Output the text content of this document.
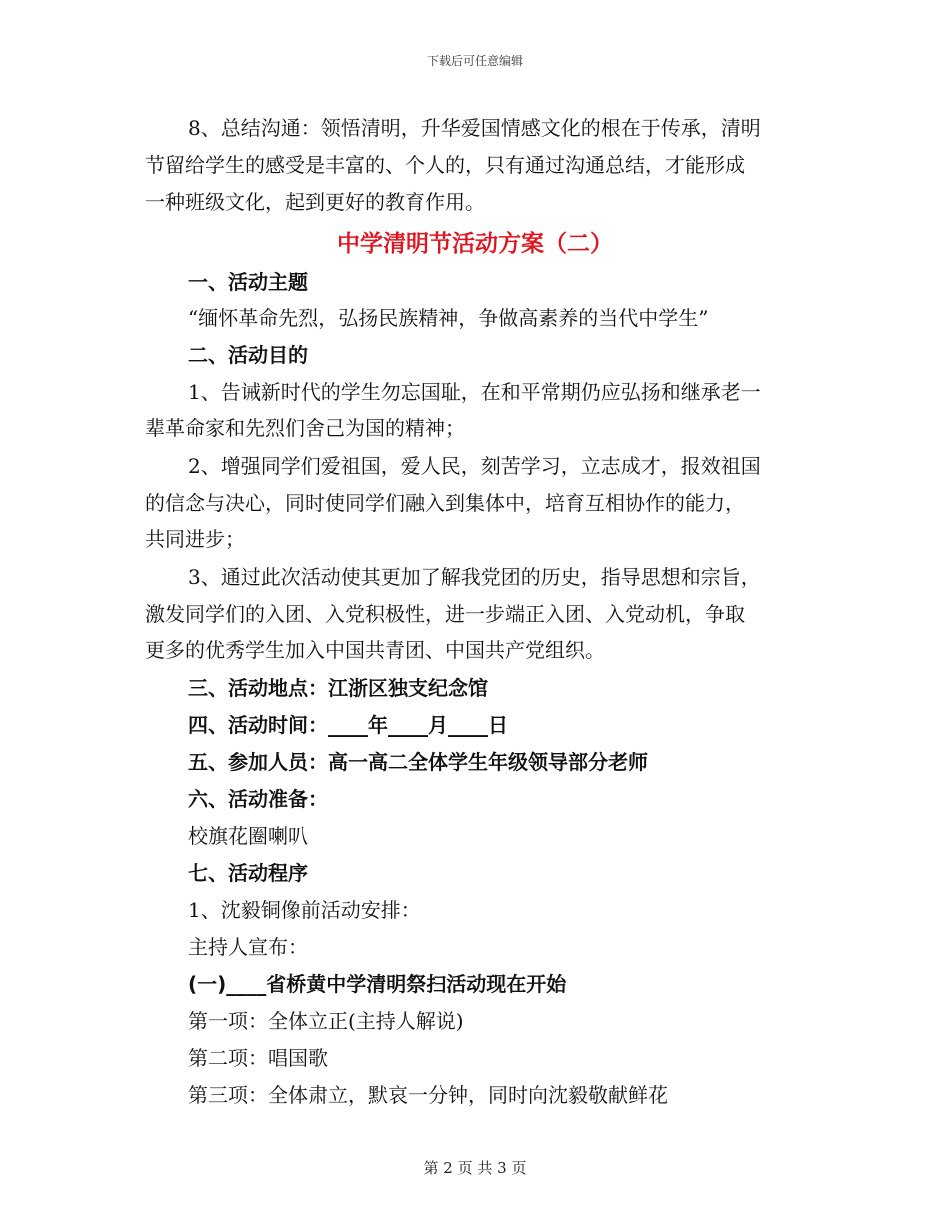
下载后可任意编辑
8、总结沟通：领悟清明，升华爱国情感文化的根在于传承，清明
节留给学生的感受是丰富的、个人的，只有通过沟通总结，才能形成
一种班级文化，起到更好的教育作用。
中学清明节活动方案（二）
一、活动主题
“缅怀革命先烈，弘扬民族精神，争做高素养的当代中学生”
二、活动目的
1、告诫新时代的学生勿忘国耻，在和平常期仍应弘扬和继承老一
辈革命家和先烈们舍己为国的精神；
2、增强同学们爱祖国，爱人民，刻苦学习，立志成才，报效祖国
的信念与决心，同时使同学们融入到集体中，培育互相协作的能力，
共同进步；
3、通过此次活动使其更加了解我党团的历史，指导思想和宗旨，
激发同学们的入团、入党积极性，进一步端正入团、入党动机，争取
更多的优秀学生加入中国共青团、中国共产党组织。
三、活动地点：江浙区独支纪念馆
四、活动时间：____年____月____日
五、参加人员：高一高二全体学生年级领导部分老师
六、活动准备：
校旗花圈喇叭
七、活动程序
1、沈毅铜像前活动安排：
主持人宣布：
(一)____省桥黄中学清明祭扫活动现在开始
第一项：全体立正(主持人解说)
第二项：唱国歌
第三项：全体肃立，默哀一分钟，同时向沈毅敬献鲜花
第 2 页 共 3 页
